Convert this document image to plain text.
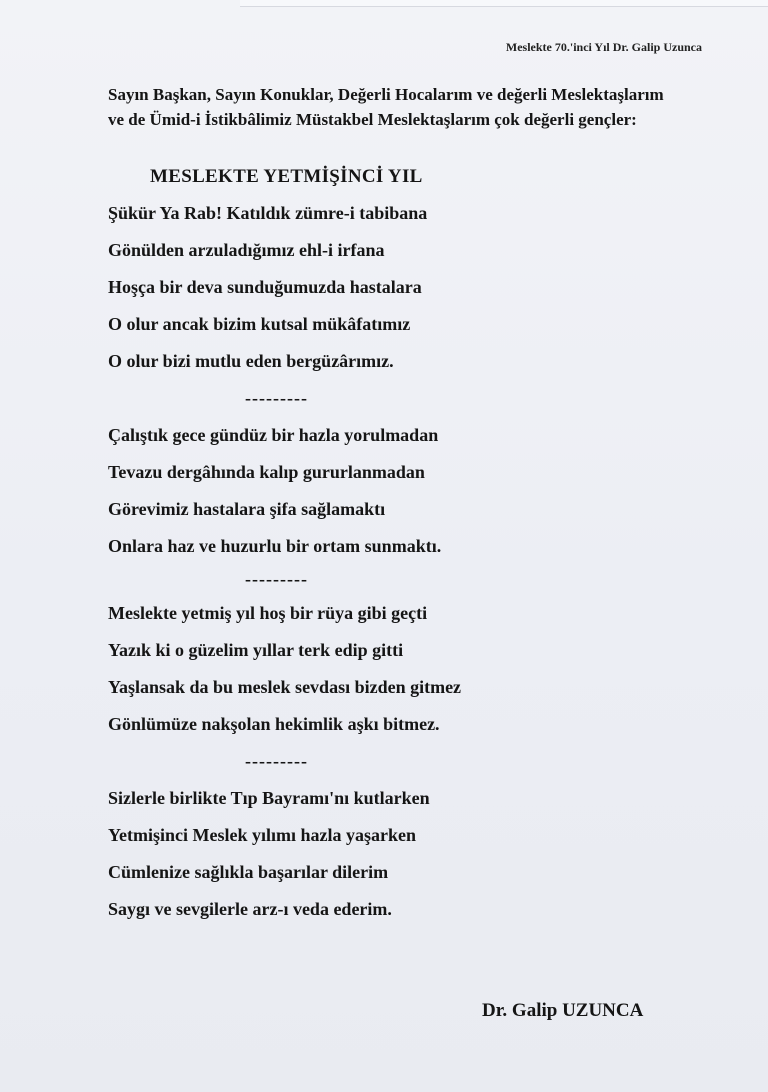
Meslekte 70.'inci Yıl Dr. Galip Uzunca
Sayın Başkan, Sayın Konuklar, Değerli Hocalarım ve değerli Meslektaşlarım
ve de Ümid-i İstikbâlimiz Müstakbel Meslektaşlarım çok değerli gençler:
MESLEKTE YETMİŞİNCİ YIL
Şükür Ya Rab! Katıldık zümre-i tabibana
Gönülden arzuladığımız ehl-i irfana
Hoşça bir deva sunduğumuzda hastalara
O olur ancak bizim kutsal mükâfatımız
O olur bizi mutlu eden bergüzârımız.
---------
Çalıştık gece gündüz bir hazla yorulmadan
Tevazu dergâhında kalıp gururlanmadan
Görevimiz hastalara şifa sağlamaktı
Onlara haz ve huzurlu bir ortam sunmaktı.
---------
Meslekte yetmiş yıl hoş bir rüya gibi geçti
Yazık ki o güzelim yıllar terk edip gitti
Yaşlansak da bu meslek sevdası bizden gitmez
Gönlümüze nakşolan hekimlik aşkı bitmez.
---------
Sizlerle birlikte Tıp Bayramı'nı kutlarken
Yetmişinci Meslek yılımı hazla yaşarken
Cümlenize sağlıkla başarılar dilerim
Saygı ve sevgilerle arz-ı veda ederim.
Dr. Galip UZUNCA
